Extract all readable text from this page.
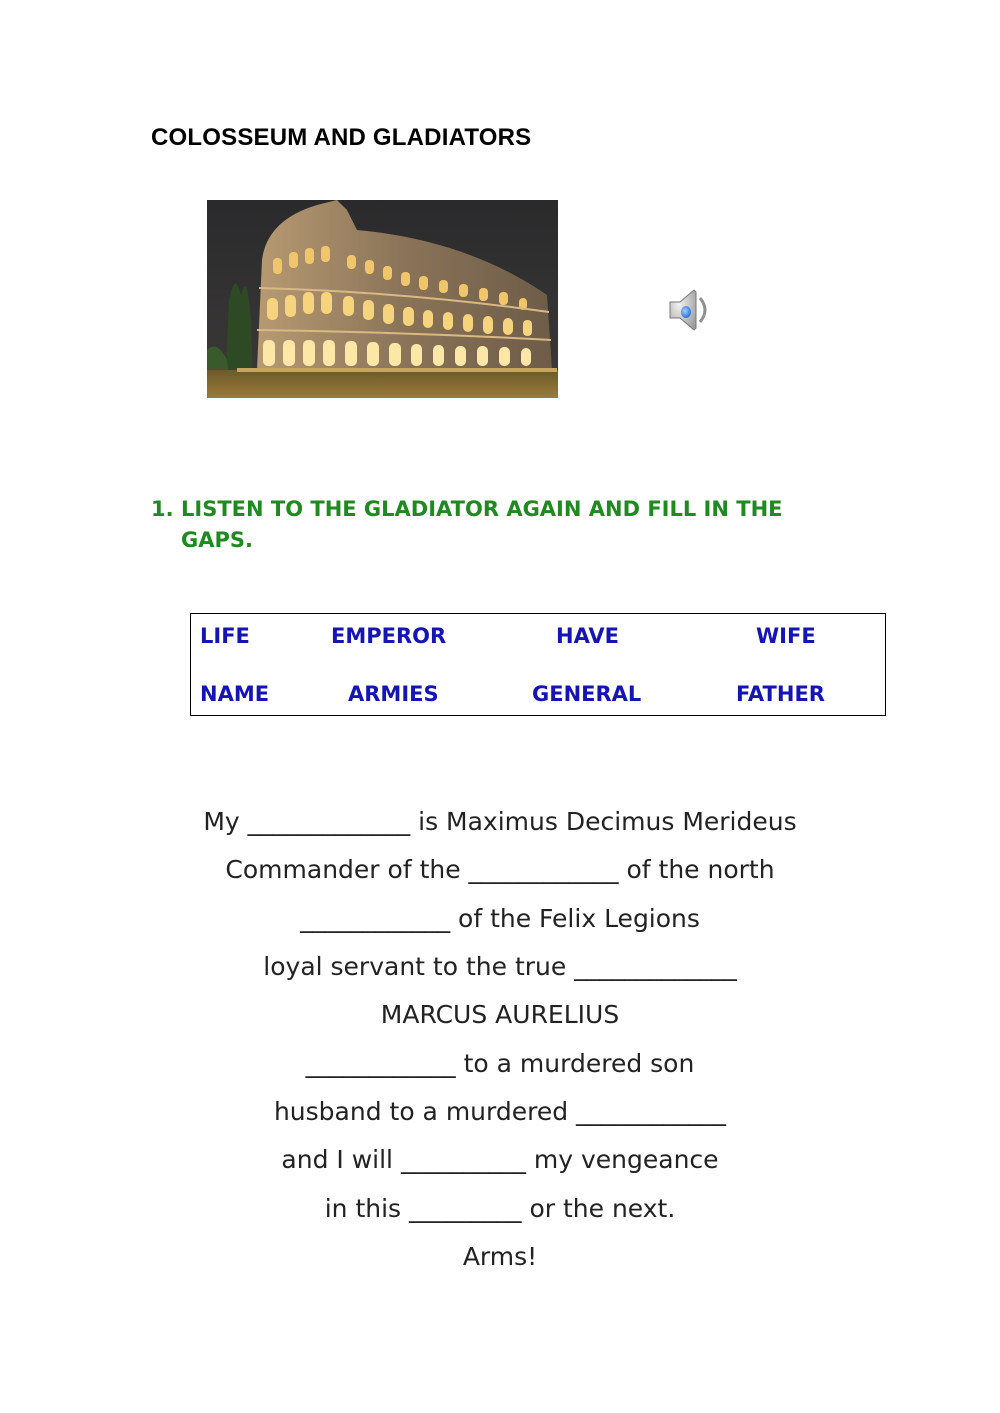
COLOSSEUM AND GLADIATORS
1. LISTEN TO THE GLADIATOR AGAIN AND FILL IN THE
GAPS.
LIFE	EMPEROR	HAVE	WIFE
NAME	ARMIES	GENERAL	FATHER
My _____________ is Maximus Decimus Merideus
Commander of the ____________ of the north
____________ of the Felix Legions
loyal servant to the true _____________
MARCUS AURELIUS
____________ to a murdered son
husband to a murdered ____________
and I will __________ my vengeance
in this _________ or the next.
Arms!
